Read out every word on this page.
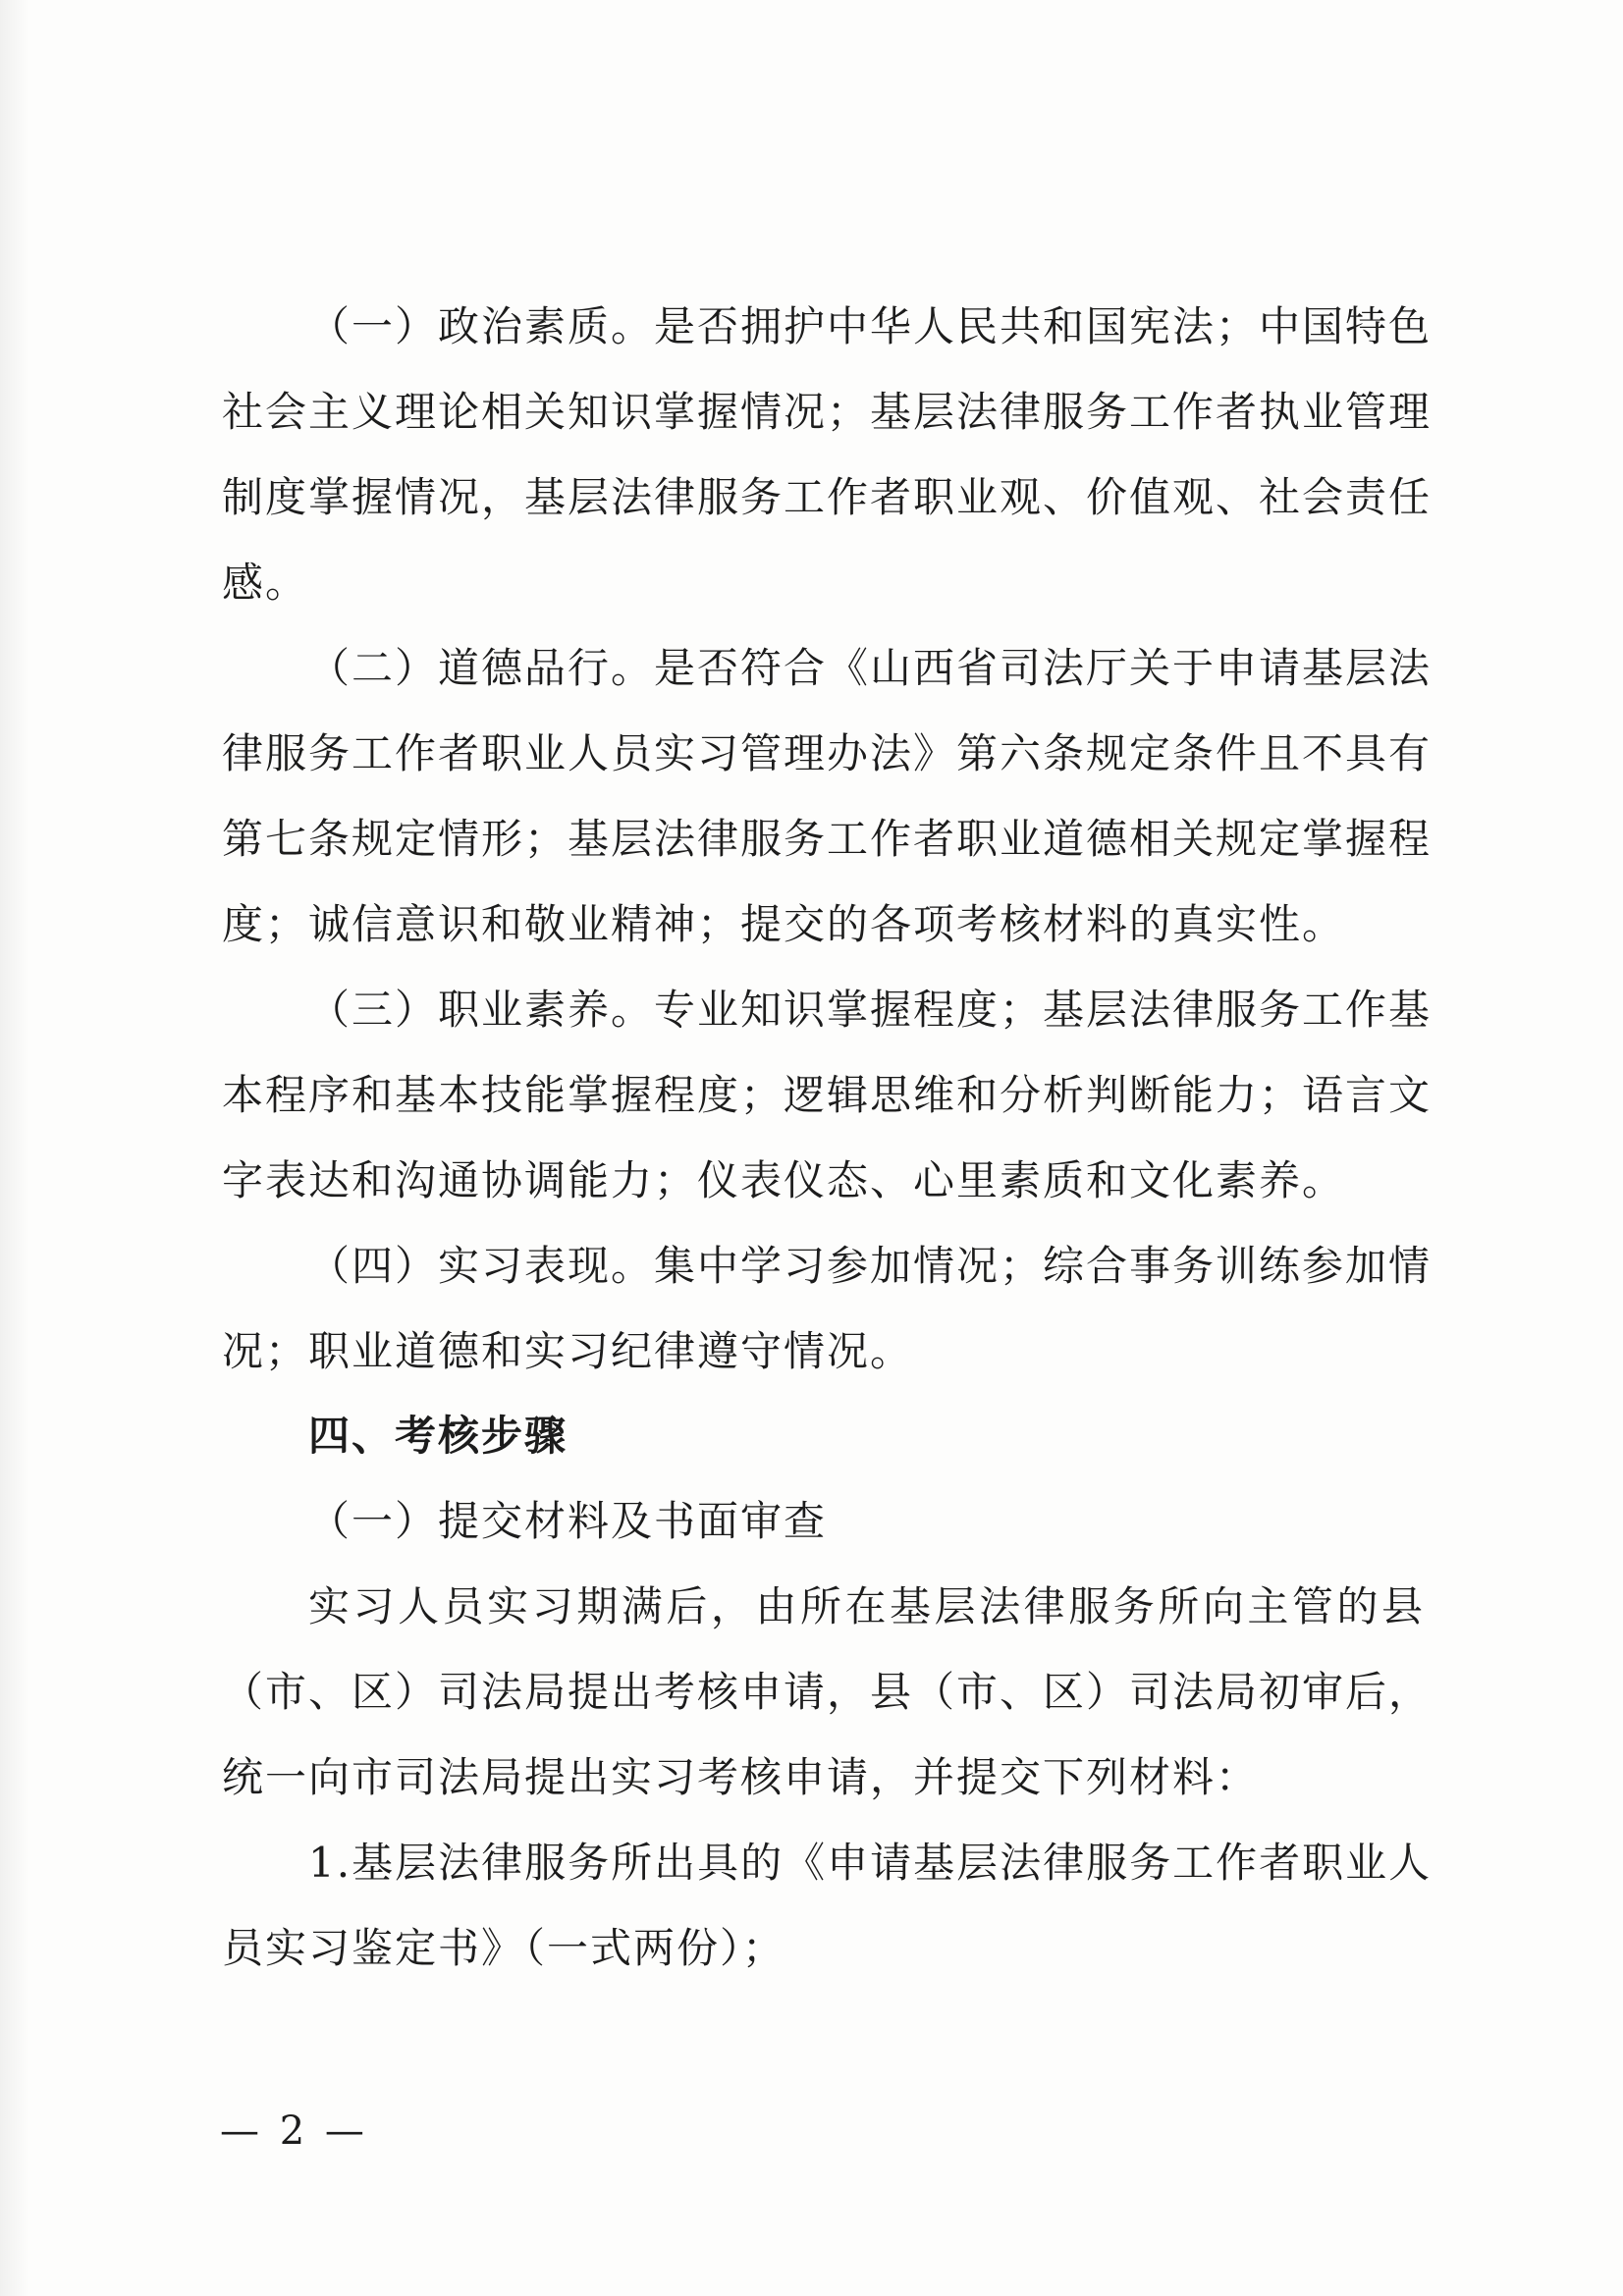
（一）政治素质。是否拥护中华人民共和国宪法；中国特色
社会主义理论相关知识掌握情况；基层法律服务工作者执业管理
制度掌握情况，基层法律服务工作者职业观、价值观、社会责任
感。
（二）道德品行。是否符合《山西省司法厅关于申请基层法
律服务工作者职业人员实习管理办法》第六条规定条件且不具有
第七条规定情形；基层法律服务工作者职业道德相关规定掌握程
度；诚信意识和敬业精神；提交的各项考核材料的真实性。
（三）职业素养。专业知识掌握程度；基层法律服务工作基
本程序和基本技能掌握程度；逻辑思维和分析判断能力；语言文
字表达和沟通协调能力；仪表仪态、心里素质和文化素养。
（四）实习表现。集中学习参加情况；综合事务训练参加情
况；职业道德和实习纪律遵守情况。
四、考核步骤
（一）提交材料及书面审查
实习人员实习期满后，由所在基层法律服务所向主管的县
（市、区）司法局提出考核申请，县（市、区）司法局初审后，
统一向市司法局提出实习考核申请，并提交下列材料：
1.基层法律服务所出具的《申请基层法律服务工作者职业人
员实习鉴定书》（一式两份）；
— 2 —
